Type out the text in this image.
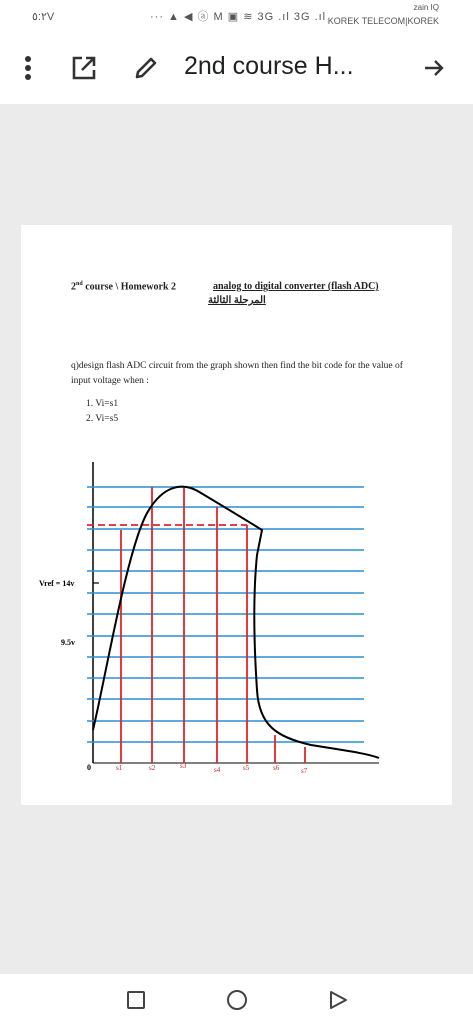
٥:٢V	··· ▲ ◀ ⓐ M ▣ ≋ 3G .ıl 3G .ıl
zain IQ
KOREK TELECOM|KOREK
2nd course H...
2nd course \ Homework 2	analog to digital converter (flash ADC)
المرحلة الثالثة
q)design flash ADC circuit from the graph shown then find the bit code for the value of input voltage when :
1. Vi=s1
2. Vi=s5
Vref = 14v
9.5v
0	s1	s2	s3	s4	s5	s6	s7
